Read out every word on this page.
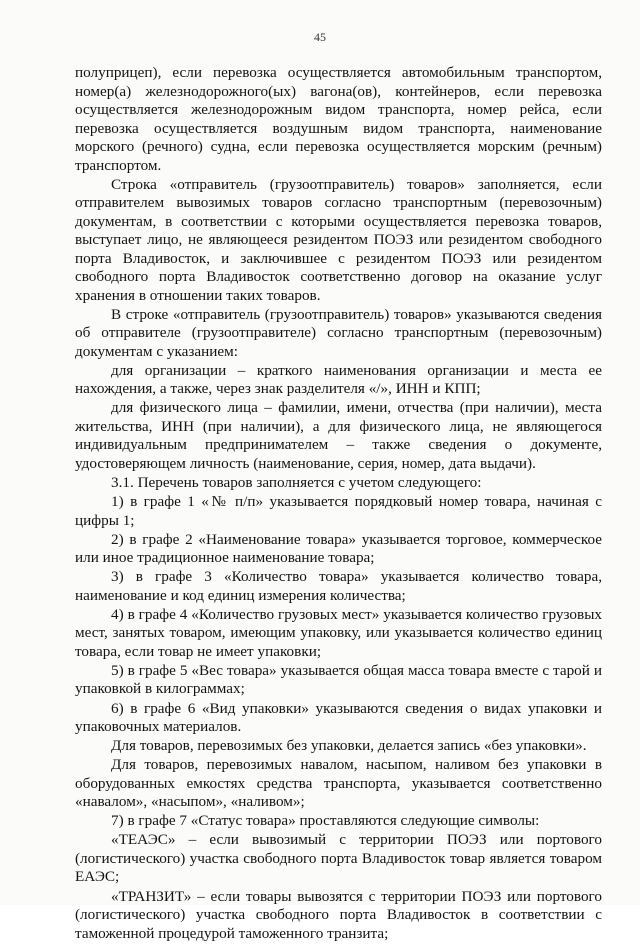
45

полуприцеп), если перевозка осуществляется автомобильным транспортом, номер(а) железнодорожного(ых) вагона(ов), контейнеров, если перевозка осуществляется железнодорожным видом транспорта, номер рейса, если перевозка осуществляется воздушным видом транспорта, наименование морского (речного) судна, если перевозка осуществляется морским (речным) транспортом.

Строка «отправитель (грузоотправитель) товаров» заполняется, если отправителем вывозимых товаров согласно транспортным (перевозочным) документам, в соответствии с которыми осуществляется перевозка товаров, выступает лицо, не являющееся резидентом ПОЭЗ или резидентом свободного порта Владивосток, и заключившее с резидентом ПОЭЗ или резидентом свободного порта Владивосток соответственно договор на оказание услуг хранения в отношении таких товаров.

В строке «отправитель (грузоотправитель) товаров» указываются сведения об отправителе (грузоотправителе) согласно транспортным (перевозочным) документам с указанием:

для организации – краткого наименования организации и места ее нахождения, а также, через знак разделителя «/», ИНН и КПП;

для физического лица – фамилии, имени, отчества (при наличии), места жительства, ИНН (при наличии), а для физического лица, не являющегося индивидуальным предпринимателем – также сведения о документе, удостоверяющем личность (наименование, серия, номер, дата выдачи).

3.1. Перечень товаров заполняется с учетом следующего:

1) в графе 1 «№ п/п» указывается порядковый номер товара, начиная с цифры 1;

2) в графе 2 «Наименование товара» указывается торговое, коммерческое или иное традиционное наименование товара;

3) в графе 3 «Количество товара» указывается количество товара, наименование и код единиц измерения количества;

4) в графе 4 «Количество грузовых мест» указывается количество грузовых мест, занятых товаром, имеющим упаковку, или указывается количество единиц товара, если товар не имеет упаковки;

5) в графе 5 «Вес товара» указывается общая масса товара вместе с тарой и упаковкой в килограммах;

6) в графе 6 «Вид упаковки» указываются сведения о видах упаковки и упаковочных материалов.

Для товаров, перевозимых без упаковки, делается запись «без упаковки».

Для товаров, перевозимых навалом, насыпом, наливом без упаковки в оборудованных емкостях средства транспорта, указывается соответственно «навалом», «насыпом», «наливом»;

7) в графе 7 «Статус товара» проставляются следующие символы:

«ТЕАЭС» – если вывозимый с территории ПОЭЗ или портового (логистического) участка свободного порта Владивосток товар является товаром ЕАЭС;

«ТРАНЗИТ» – если товары вывозятся с территории ПОЭЗ или портового (логистического) участка свободного порта Владивосток в соответствии с таможенной процедурой таможенного транзита;
